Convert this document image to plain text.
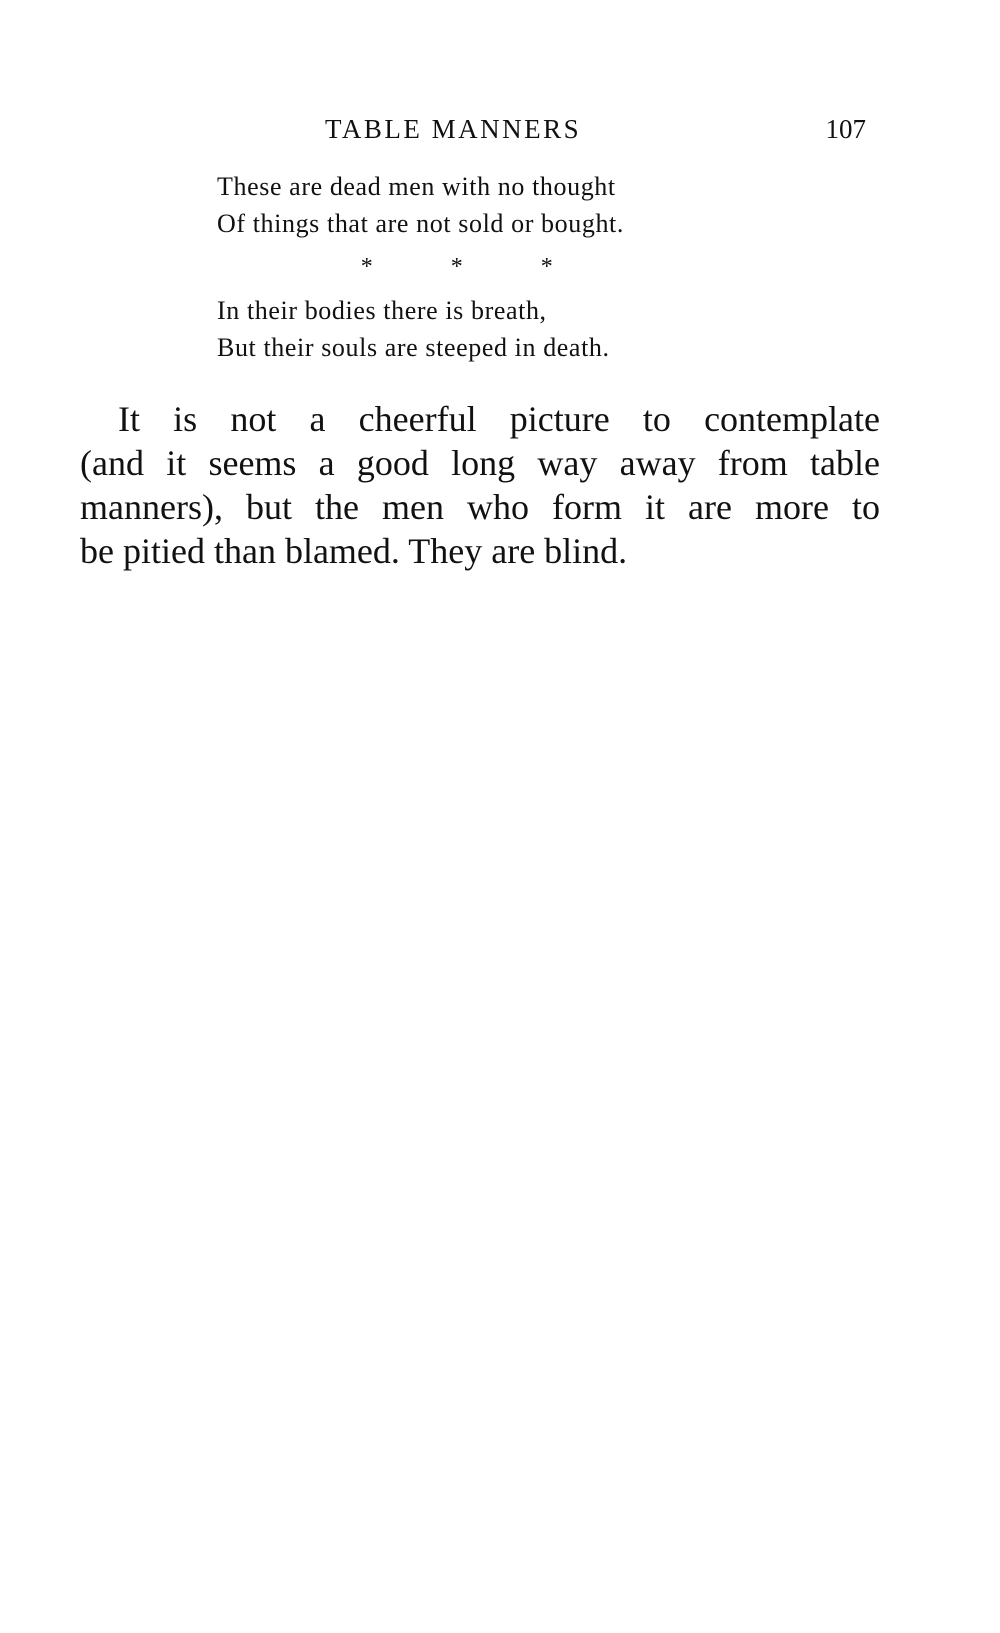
TABLE MANNERS	107
These are dead men with no thought
Of things that are not sold or bought.
*	*	*
In their bodies there is breath,
But their souls are steeped in death.
It is not a cheerful picture to contemplate
(and it seems a good long way away from table
manners), but the men who form it are more to
be pitied than blamed. They are blind.
